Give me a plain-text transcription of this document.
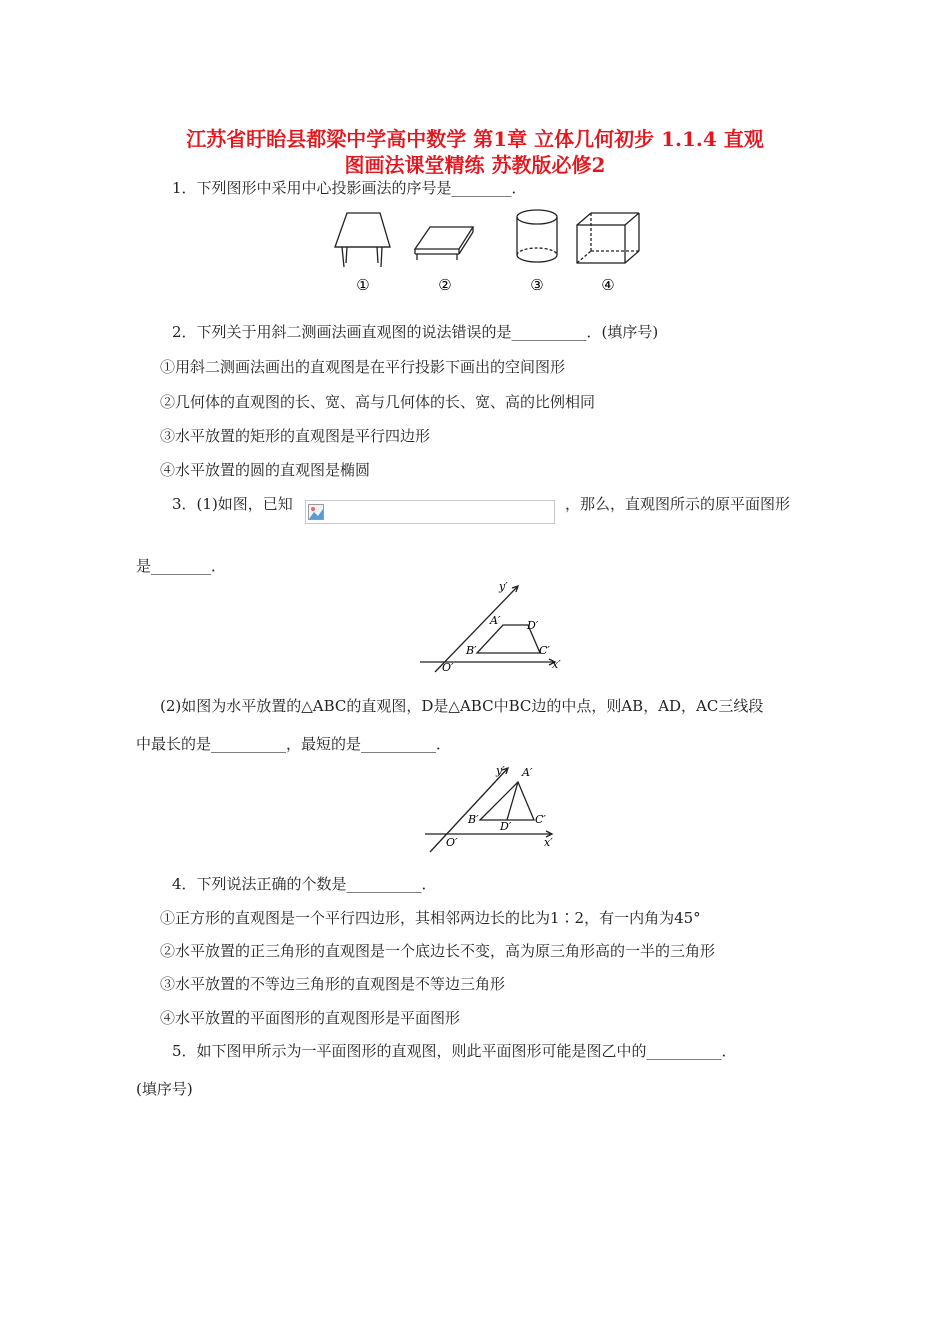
江苏省盱眙县都梁中学高中数学 第1章 立体几何初步 1.1.4 直观
图画法课堂精练 苏教版必修2
1．下列图形中采用中心投影画法的序号是________．
①	②	③	④
2．下列关于用斜二测画法画直观图的说法错误的是__________．(填序号)
①用斜二测画法画出的直观图是在平行投影下画出的空间图形
②几何体的直观图的长、宽、高与几何体的长、宽、高的比例相同
③水平放置的矩形的直观图是平行四边形
④水平放置的圆的直观图是椭圆
3．(1)如图，已知	，那么，直观图所示的原平面图形
是________．
y′
A′ D′
B′	C′
O′	x′
(2)如图为水平放置的△ABC的直观图，D是△ABC中BC边的中点，则AB，AD，AC三线段
中最长的是__________，最短的是__________．
y′ A′
B′
D′
C′
O′	x′
4．下列说法正确的个数是__________．
①正方形的直观图是一个平行四边形，其相邻两边长的比为1∶2，有一内角为45°
②水平放置的正三角形的直观图是一个底边长不变，高为原三角形高的一半的三角形
③水平放置的不等边三角形的直观图是不等边三角形
④水平放置的平面图形的直观图形是平面图形
5．如下图甲所示为一平面图形的直观图，则此平面图形可能是图乙中的__________．
(填序号)
